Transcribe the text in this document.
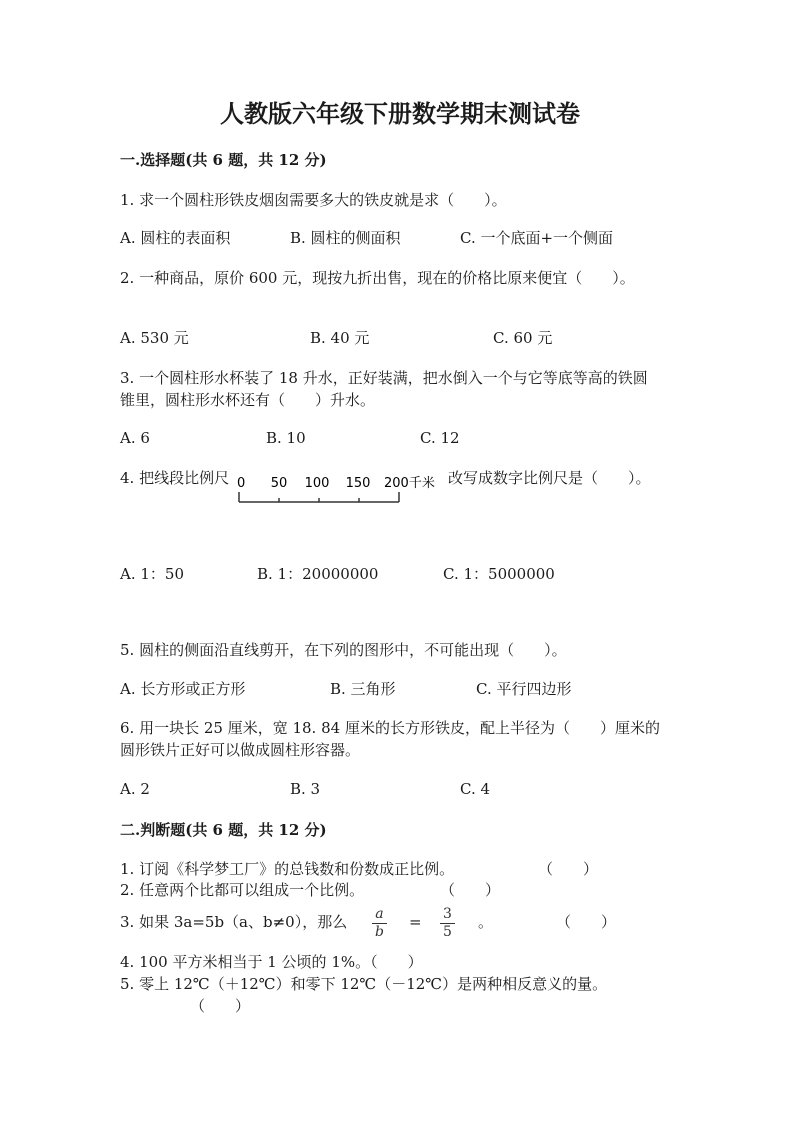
人教版六年级下册数学期末测试卷
一.选择题(共 6 题，共 12 分)
1. 求一个圆柱形铁皮烟囱需要多大的铁皮就是求（　　）。
A. 圆柱的表面积	B. 圆柱的侧面积	C. 一个底面+一个侧面
2. 一种商品，原价 600 元，现按九折出售，现在的价格比原来便宜（　　）。
A. 530 元	B. 40 元	C. 60 元
3. 一个圆柱形水杯装了 18 升水，正好装满，把水倒入一个与它等底等高的铁圆
锥里，圆柱形水杯还有（　　）升水。
A. 6	B. 10	C. 12
4. 把线段比例尺 0 50 100 150 200千米 改写成数字比例尺是（　　）。
A. 1：50	B. 1：20000000	C. 1：5000000
5. 圆柱的侧面沿直线剪开，在下列的图形中，不可能出现（　　）。
A. 长方形或正方形	B. 三角形	C. 平行四边形
6. 用一块长 25 厘米，宽 18. 84 厘米的长方形铁皮，配上半径为（　　）厘米的
圆形铁片正好可以做成圆柱形容器。
A. 2	B. 3	C. 4
二.判断题(共 6 题，共 12 分)
1. 订阅《科学梦工厂》的总钱数和份数成正比例。	（　　）
2. 任意两个比都可以组成一个比例。	（　　）
3. 如果 3a=5b（a、b≠0），那么 $\frac{a}{b} = \frac{3}{5}$ 。	（　　）
4. 100 平方米相当于 1 公顷的 1%。（　　）
5. 零上 12℃（＋12℃）和零下 12℃（－12℃）是两种相反意义的量。
（　　）
